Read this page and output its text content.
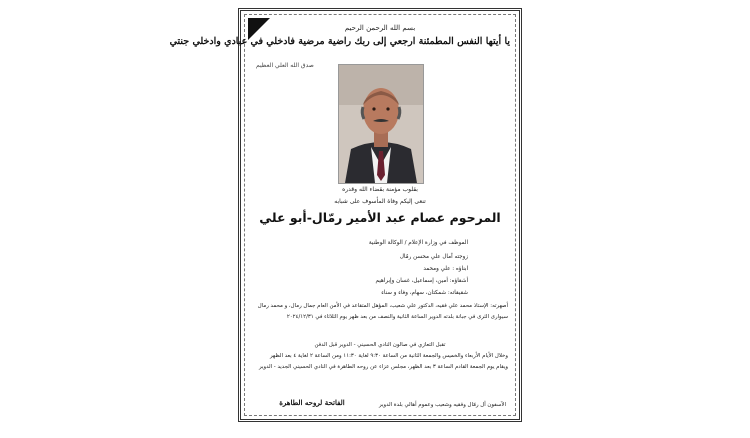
بسم الله الرحمن الرحيم
يا أيتها النفس المطمئنة ارجعي إلى ربك راضية مرضية فادخلي في عبادي وادخلي جنتي
صدق الله العلي العظيم
بقلوب مؤمنة بقضاء الله وقدره
تنعى إليكم وفاة المأسوف على شبابه
المرحوم عصام عبد الأمير رمّال-أبو علي
الموظف في وزارة الإعلام / الوكالة الوطنية
زوجته آمال علي محسن رمّال
ابناؤه : علي ومحمد
أشقاؤه: أمين، إسماعيل، غسان وإبراهيم
شقيقاته: شمكتان، سهام، وفاء و سناء
أصهرته: الإستاذ محمد علي فقيه، الدكتور علي شعيب، المؤهل المتقاعد في الأمن العام جمال رمال، و محمد رمال
سيوارى الثرى في جبانة بلدته الدوير الساعة الثانية والنصف من بعد ظهر يوم الثلاثاء في ٢٠٢٤/١٢/٣١
تقبل التعازي في صالون النادي الحسيني - الدوير قبل الدفن
وخلال الأيام الأربعاء والخميس والجمعة الثانية من الساعة ٩:٣٠ لغاية ١١:٣٠ ومن الساعة ٢ لغاية ٤ بعد الظهر
ويقام يوم الجمعة القادم الساعة ٣ بعد الظهر، مجلس عزاء عن روحه الطاهرة في النادي الحسيني الجديد - الدوير
الفاتحة لروحه الطاهرة	الآسفون آل رمّال وفقيه وشعيب وعموم أهالي بلدة الدوير
